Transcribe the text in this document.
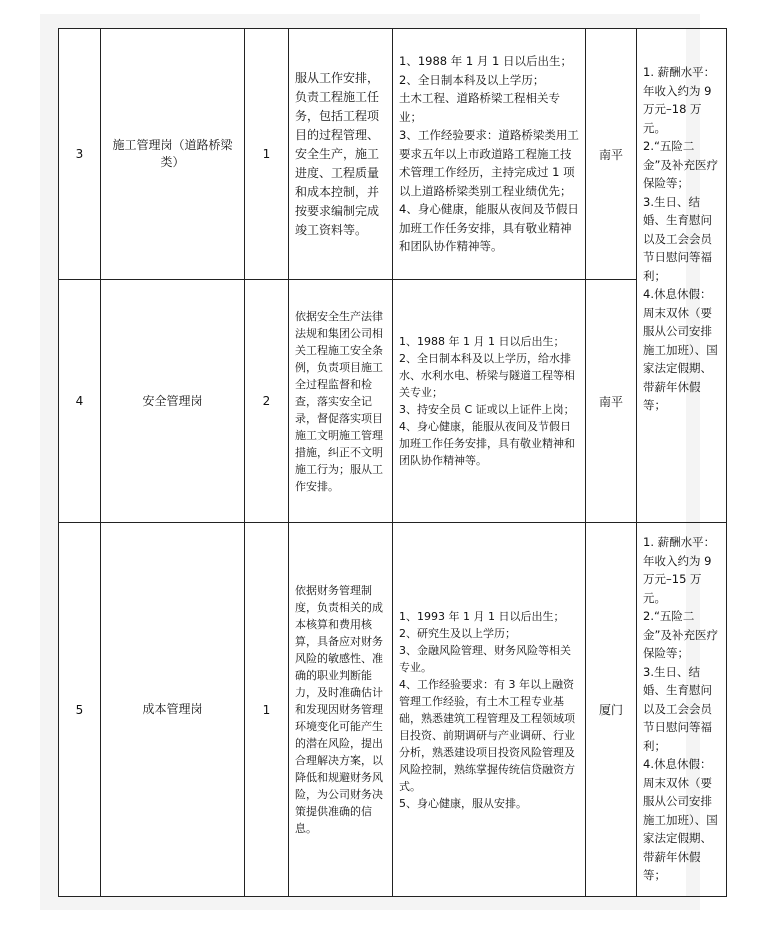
3	施工管理岗（道路桥梁类）	1	服从工作安排，负责工程施工任务，包括工程项目的过程管理、安全生产，施工进度、工程质量和成本控制，并按要求编制完成竣工资料等。	1、1988 年 1 月 1 日以后出生；
2、全日制本科及以上学历；
土木工程、道路桥梁工程相关专业；
3、工作经验要求：道路桥梁类用工要求五年以上市政道路工程施工技术管理工作经历，主持完成过 1 项以上道路桥梁类别工程业绩优先；
4、身心健康，能服从夜间及节假日加班工作任务安排，具有敬业精神和团队协作精神等。	南平	1. 薪酬水平：
年收入约为 9 万元–18 万元。
2.“五险二金”及补充医疗保险等；
3.生日、结婚、生育慰问以及工会会员节日慰问等福利；
4.休息休假：周末双休（要服从公司安排施工加班）、国家法定假期、带薪年休假等；

4	安全管理岗	2	依据安全生产法律法规和集团公司相关工程施工安全条例，负责项目施工全过程监督和检查，落实安全记录，督促落实项目施工文明施工管理措施，纠正不文明施工行为；服从工作安排。	1、1988 年 1 月 1 日以后出生；
2、全日制本科及以上学历，给水排水、水利水电、桥梁与隧道工程等相关专业；
3、持安全员 C 证或以上证件上岗；
4、身心健康，能服从夜间及节假日加班工作任务安排，具有敬业精神和团队协作精神等。	南平	
5	成本管理岗	1	依据财务管理制度，负责相关的成本核算和费用核算，具备应对财务风险的敏感性、准确的职业判断能力，及时准确估计和发现因财务管理环境变化可能产生的潜在风险，提出合理解决方案，以降低和规避财务风险，为公司财务决策提供准确的信息。	1、1993 年 1 月 1 日以后出生；
2、研究生及以上学历；
3、金融风险管理、财务风险等相关专业。
4、工作经验要求：有 3 年以上融资管理工作经验，有土木工程专业基础，熟悉建筑工程管理及工程领域项目投资、前期调研与产业调研、行业分析，熟悉建设项目投资风险管理及风险控制，熟练掌握传统信贷融资方式。
5、身心健康，服从安排。	厦门	1. 薪酬水平：
年收入约为 9 万元–15 万元。
2.“五险二金”及补充医疗保险等；
3.生日、结婚、生育慰问以及工会会员节日慰问等福利；
4.休息休假：周末双休（要服从公司安排施工加班）、国家法定假期、带薪年休假等；
